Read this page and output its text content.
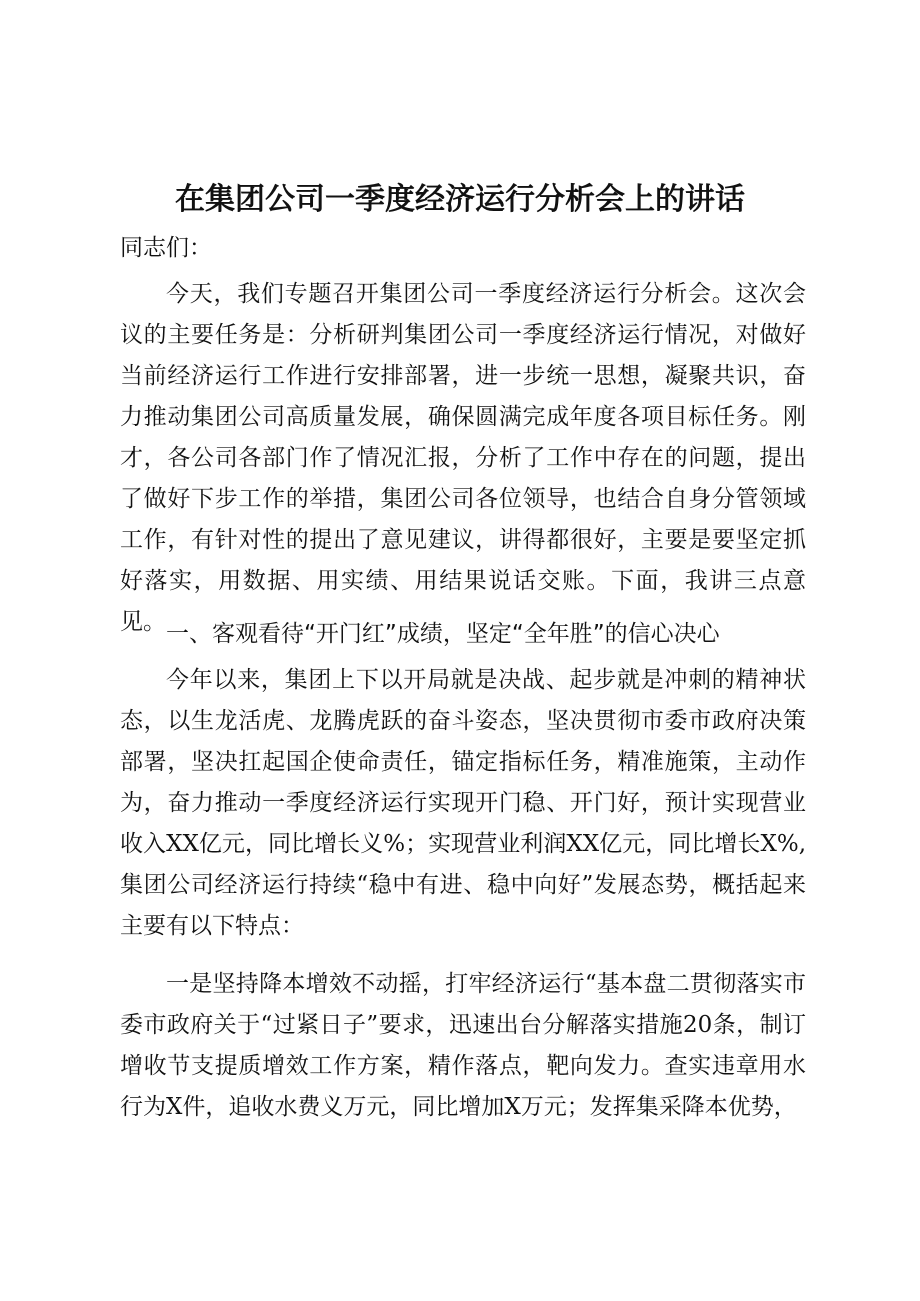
在集团公司一季度经济运行分析会上的讲话
同志们：
今天，我们专题召开集团公司一季度经济运行分析会。这次会议的主要任务是：分析研判集团公司一季度经济运行情况，对做好当前经济运行工作进行安排部署，进一步统一思想，凝聚共识，奋力推动集团公司高质量发展，确保圆满完成年度各项目标任务。刚才，各公司各部门作了情况汇报，分析了工作中存在的问题，提出了做好下步工作的举措，集团公司各位领导，也结合自身分管领域工作，有针对性的提出了意见建议，讲得都很好，主要是要坚定抓好落实，用数据、用实绩、用结果说话交账。下面，我讲三点意见。 一、客观看待“开门红”成绩，坚定“全年胜”的信心决心
今年以来，集团上下以开局就是决战、起步就是冲刺的精神状态，以生龙活虎、龙腾虎跃的奋斗姿态，坚决贯彻市委市政府决策部署，坚决扛起国企使命责任，锚定指标任务，精准施策，主动作为，奋力推动一季度经济运行实现开门稳、开门好，预计实现营业收入XX亿元，同比增长义%；实现营业利润XX亿元，同比增长X%,集团公司经济运行持续“稳中有进、稳中向好”发展态势，概括起来主要有以下特点：
一是坚持降本增效不动摇，打牢经济运行“基本盘二贯彻落实市委市政府关于“过紧日子”要求，迅速出台分解落实措施20条，制订增收节支提质增效工作方案，精作落点，靶向发力。查实违章用水行为X件，追收水费义万元，同比增加X万元；发挥集采降本优势，
